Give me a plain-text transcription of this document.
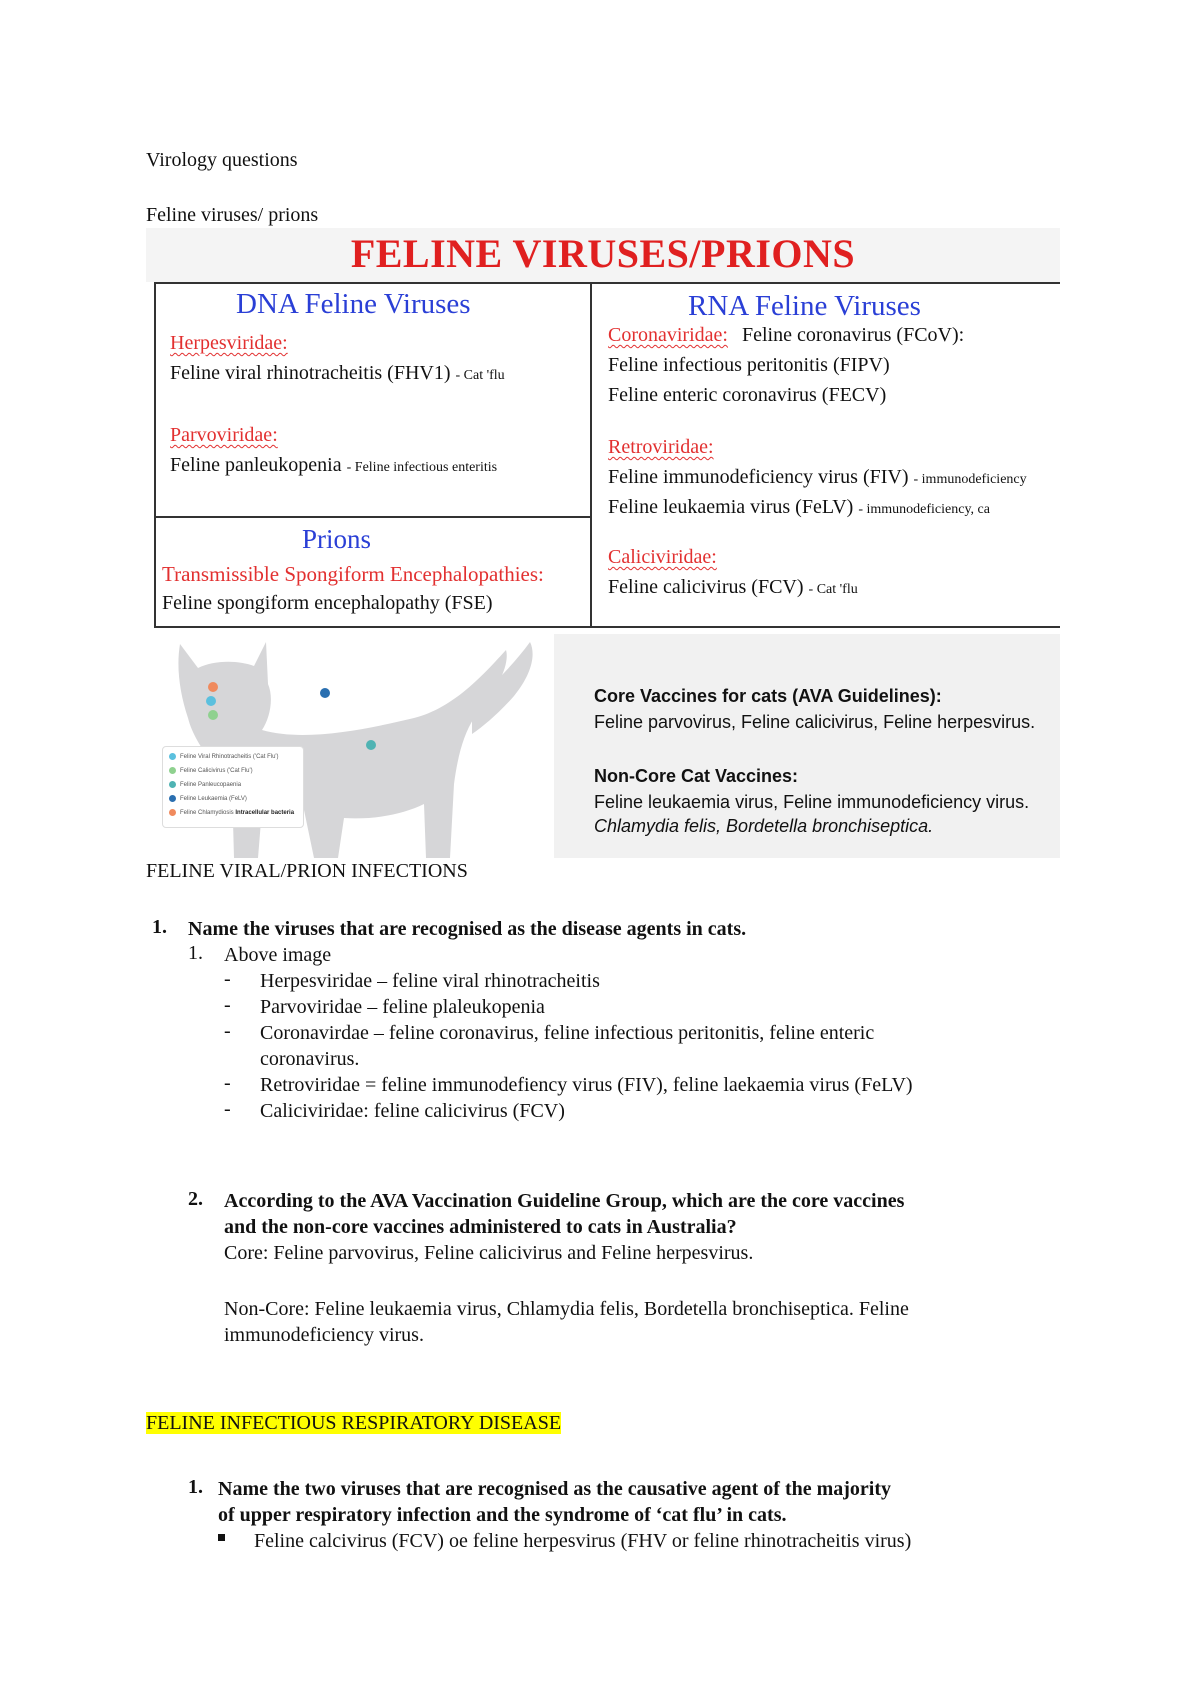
Virology questions

Feline viruses/ prions

FELINE VIRUSES/PRIONS
DNA Feline Viruses
Herpesviridae:
Feline viral rhinotracheitis (FHV1) - Cat 'flu
Parvoviridae:
Feline panleukopenia - Feline infectious enteritis
Prions
Transmissible Spongiform Encephalopathies:
Feline spongiform encephalopathy (FSE)
RNA Feline Viruses
Coronaviridae: Feline coronavirus (FCoV):
Feline infectious peritonitis (FIPV)
Feline enteric coronavirus (FECV)
Retroviridae:
Feline immunodeficiency virus (FIV) - immunodeficiency
Feline leukaemia virus (FeLV) - immunodeficiency, ca
Caliciviridae:
Feline calicivirus (FCV) - Cat 'flu
Feline Viral Rhinotracheitis ('Cat Flu')
Feline Calicivirus ('Cat Flu')
Feline Panleucopaenia
Feline Leukaemia (FeLV)
Feline Chlamydiosis Intracellular bacteria
Core Vaccines for cats (AVA Guidelines):
Feline parvovirus, Feline calicivirus, Feline herpesvirus.
Non-Core Cat Vaccines:
Feline leukaemia virus, Feline immunodeficiency virus.
Chlamydia felis, Bordetella bronchiseptica.

FELINE VIRAL/PRION INFECTIONS

1. Name the viruses that are recognised as the disease agents in cats.

1. Above image

- Herpesviridae – feline viral rhinotracheitis

- Parvoviridae – feline plaleukopenia

- Coronavirdae – feline coronavirus, feline infectious peritonitis, feline enteric

coronavirus.

- Retroviridae = feline immunodefiency virus (FIV), feline laekaemia virus (FeLV)

- Caliciviridae: feline calicivirus (FCV)

2. According to the AVA Vaccination Guideline Group, which are the core vaccines

and the non-core vaccines administered to cats in Australia?

Core: Feline parvovirus, Feline calicivirus and Feline herpesvirus.

Non-Core: Feline leukaemia virus, Chlamydia felis, Bordetella bronchiseptica. Feline

immunodeficiency virus.

FELINE INFECTIOUS RESPIRATORY DISEASE

1. Name the two viruses that are recognised as the causative agent of the majority

of upper respiratory infection and the syndrome of ‘cat flu’ in cats.

Feline calcivirus (FCV) oe feline herpesvirus (FHV or feline rhinotracheitis virus)
